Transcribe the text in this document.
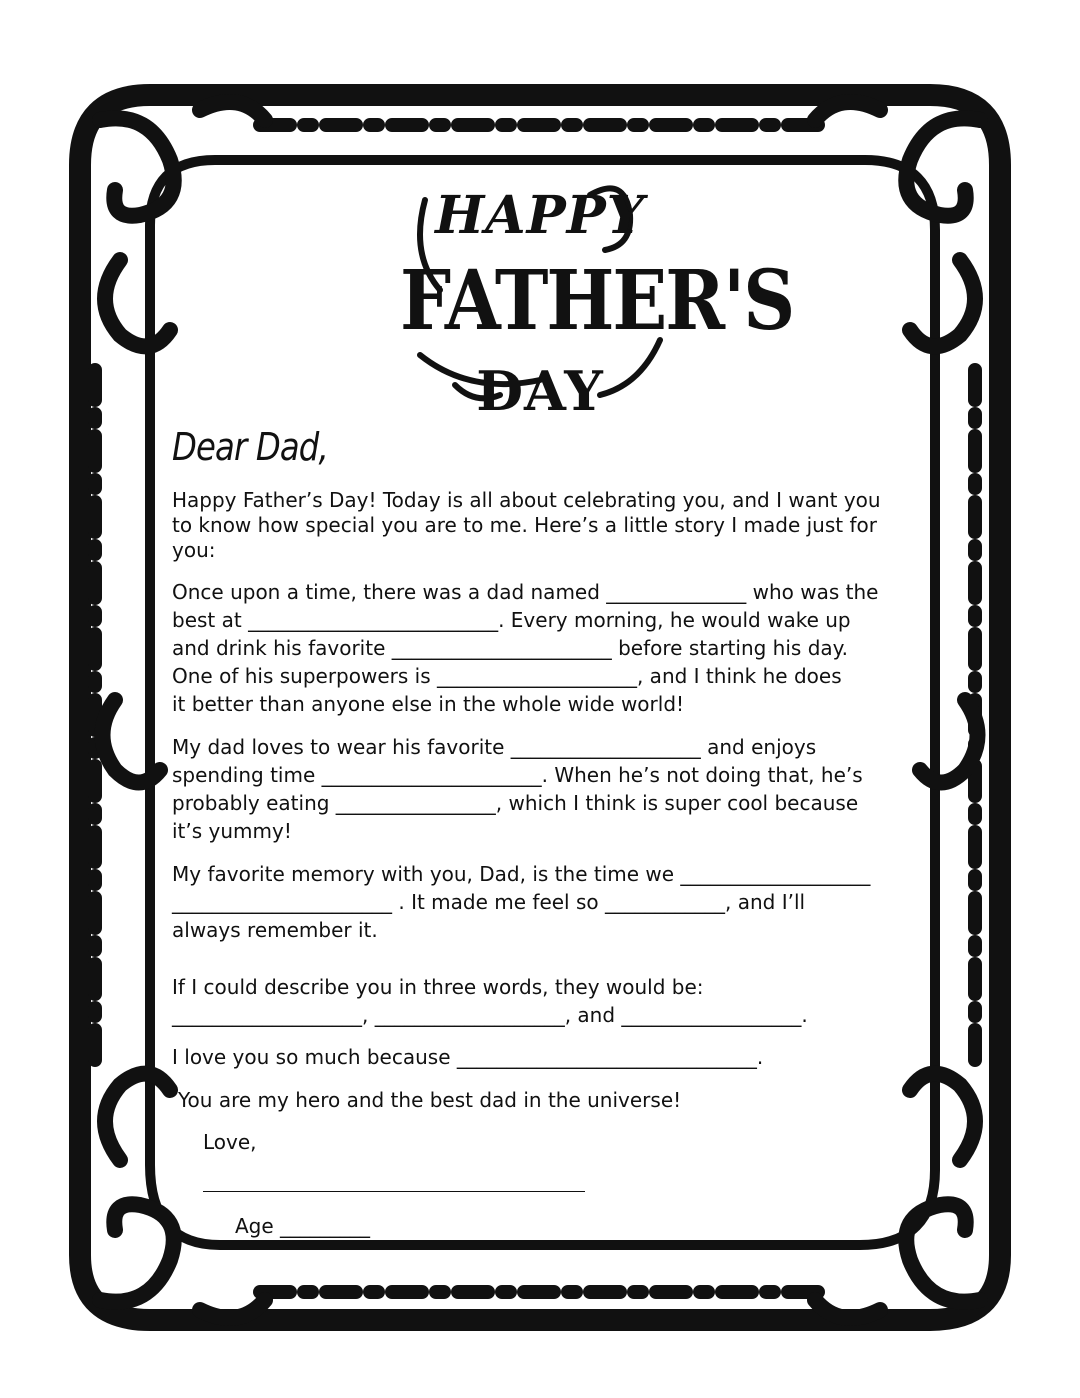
HAPPY
FATHER'S
DAY
Dear Dad,

Happy Father’s Day! Today is all about celebrating you, and I want you
to know how special you are to me. Here’s a little story I made just for
you:

Once upon a time, there was a dad named ______________ who was the
best at _________________________. Every morning, he would wake up
and drink his favorite ______________________ before starting his day.
One of his superpowers is ____________________, and I think he does
it better than anyone else in the whole wide world!

My dad loves to wear his favorite ___________________ and enjoys
spending time ______________________. When he’s not doing that, he’s
probably eating ________________, which I think is super cool because
it’s yummy!

My favorite memory with you, Dad, is the time we ___________________
______________________ . It made me feel so ____________, and I’ll
always remember it.

If I could describe you in three words, they would be:
___________________, ___________________, and __________________.

I love you so much because ______________________________.

You are my hero and the best dad in the universe!

Love,

Age _________
